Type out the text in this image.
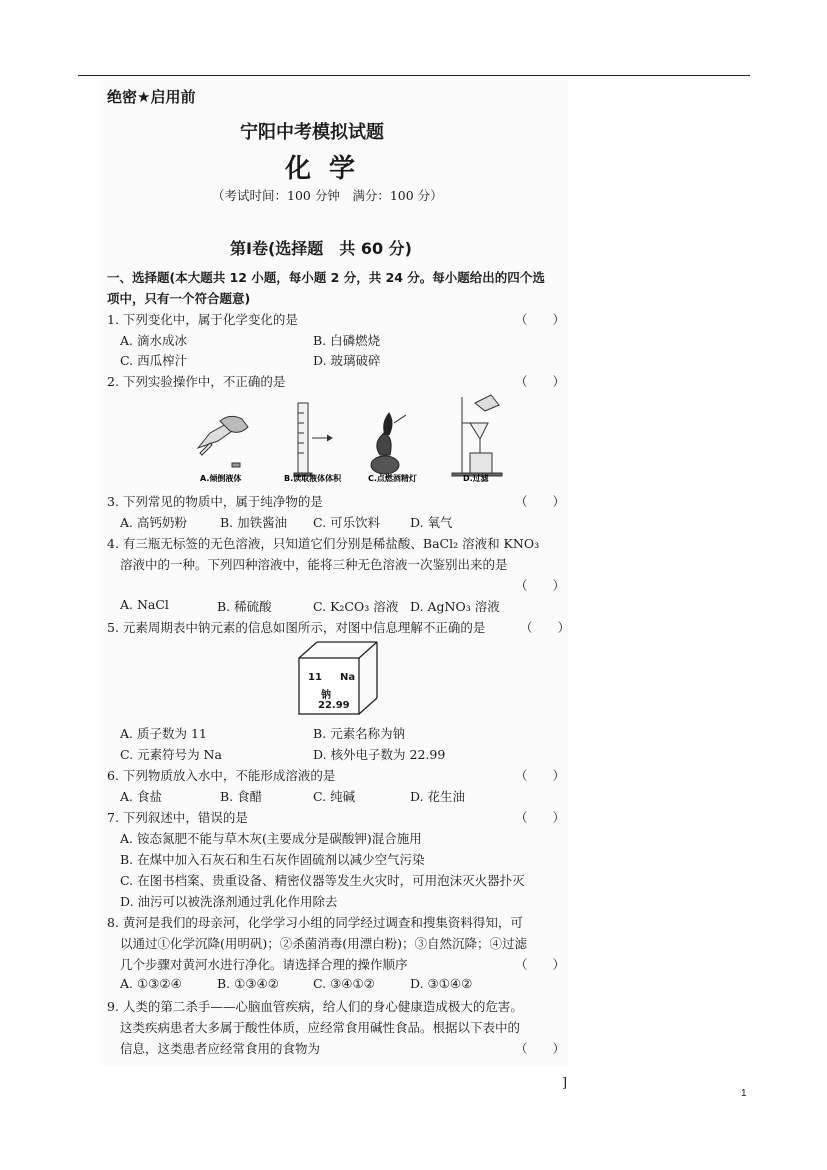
绝密★启用前
宁阳中考模拟试题
化学
（考试时间：100 分钟　满分：100 分）
第Ⅰ卷(选择题　共 60 分)
一、选择题(本大题共 12 小题，每小题 2 分，共 24 分。每小题给出的四个选
项中，只有一个符合题意)
1. 下列变化中，属于化学变化的是	（　　）
A. 滴水成冰	B. 白磷燃烧
C. 西瓜榨汁	D. 玻璃破碎
2. 下列实验操作中，不正确的是	（　　）
A.倾倒液体	B.读取液体体积	C.点燃酒精灯	D.过滤
3. 下列常见的物质中，属于纯净物的是	（　　）
A. 高钙奶粉	B. 加铁酱油 C. 可乐饮料 D. 氧气
4. 有三瓶无标签的无色溶液，只知道它们分别是稀盐酸、BaCl₂ 溶液和 KNO₃
溶液中的一种。下列四种溶液中，能将三种无色溶液一次鉴别出来的是
（　　）
A. NaCl	B. 稀硫酸	C. K₂CO₃ 溶液 D. AgNO₃ 溶液
5. 元素周期表中钠元素的信息如图所示，对图中信息理解不正确的是	（　　）
11 Na
钠
22.99
A. 质子数为 11	B. 元素名称为钠
C. 元素符号为 Na	D. 核外电子数为 22.99
6. 下列物质放入水中，不能形成溶液的是	（　　）
A. 食盐	B. 食醋	C. 纯碱	D. 花生油
7. 下列叙述中，错误的是	（　　）
A. 铵态氮肥不能与草木灰(主要成分是碳酸钾)混合施用
B. 在煤中加入石灰石和生石灰作固硫剂以减少空气污染
C. 在图书档案、贵重设备、精密仪器等发生火灾时，可用泡沫灭火器扑灭
D. 油污可以被洗涤剂通过乳化作用除去
8. 黄河是我们的母亲河，化学学习小组的同学经过调查和搜集资料得知，可
以通过①化学沉降(用明矾)；②杀菌消毒(用漂白粉)；③自然沉降；④过滤
几个步骤对黄河水进行净化。请选择合理的操作顺序	（　　）
A. ①③②④	B. ①③④②	C. ③④①②	D. ③①④②
9. 人类的第二杀手——心脑血管疾病，给人们的身心健康造成极大的危害。
这类疾病患者大多属于酸性体质，应经常食用碱性食品。根据以下表中的
信息，这类患者应经常食用的食物为	（　　）
]
1
